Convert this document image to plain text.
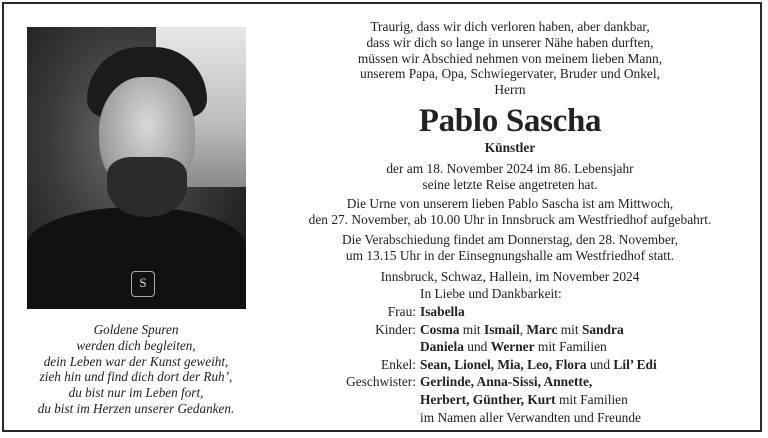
S
Goldene Spuren
werden dich begleiten,
dein Leben war der Kunst geweiht,
zieh hin und find dich dort der Ruh’,
du bist nur im Leben fort,
du bist im Herzen unserer Gedanken.
Traurig, dass wir dich verloren haben, aber dankbar,
dass wir dich so lange in unserer Nähe haben durften,
müssen wir Abschied nehmen von meinem lieben Mann,
unserem Papa, Opa, Schwiegervater, Bruder und Onkel,
Herrn
Pablo Sascha
Künstler
der am 18. November 2024 im 86. Lebensjahr
seine letzte Reise angetreten hat.
Die Urne von unserem lieben Pablo Sascha ist am Mittwoch,
den 27. November, ab 10.00 Uhr in Innsbruck am Westfriedhof aufgebahrt.
Die Verabschiedung findet am Donnerstag, den 28. November,
um 13.15 Uhr in der Einsegnungshalle am Westfriedhof statt.
Innsbruck, Schwaz, Hallein, im November 2024
In Liebe und Dankbarkeit:
Frau: Isabella
Kinder: Cosma mit Ismail, Marc mit Sandra
Daniela und Werner mit Familien
Enkel: Sean, Lionel, Mia, Leo, Flora und Lil’ Edi
Geschwister: Gerlinde, Anna-Sissi, Annette,
Herbert, Günther, Kurt mit Familien
im Namen aller Verwandten und Freunde
